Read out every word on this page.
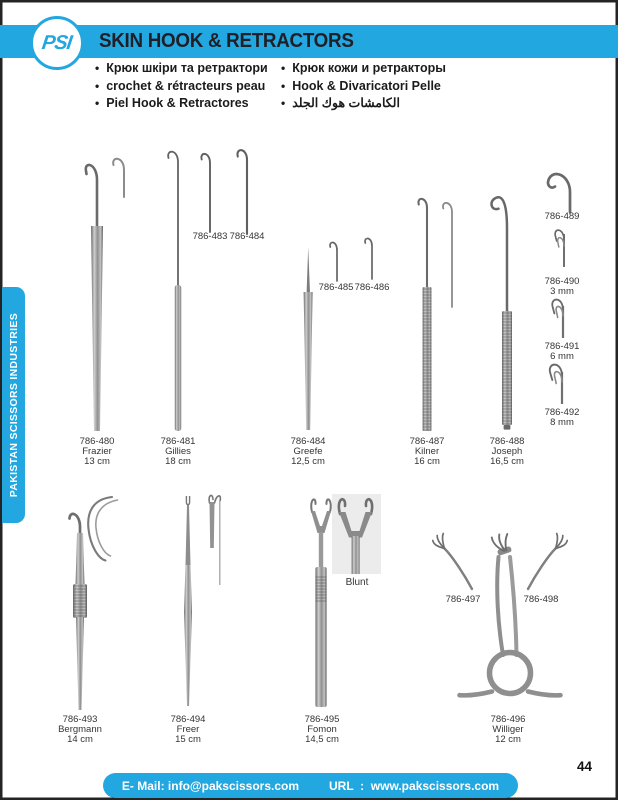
PSI SKIN HOOK & RETRACTORS
• Крюк шкіри та ретрактори
• crochet & rétracteurs peau
• Piel Hook & Retractores
• Крюк кожи и ретракторы
• Hook & Divaricatori Pelle
• الكامشات هوك الجلد
PAKISTAN SCISSORS INDUSTRIES
786-483 786-484
786-485 786-486
786-489
786-490
3 mm
786-491
6 mm
786-492
8 mm
786-480
Frazier
13 cm
786-481
Gillies
18 cm
786-484
Greefe
12,5 cm
786-487
Kilner
16 cm
786-488
Joseph
16,5 cm
Blunt
786-497	786-498
786-493
Bergmann
14 cm
786-494
Freer
15 cm
786-495
Fomon
14,5 cm
786-496
Williger
12 cm
E- Mail: info@pakscissors.com	URL  :  www.pakscissors.com
44
